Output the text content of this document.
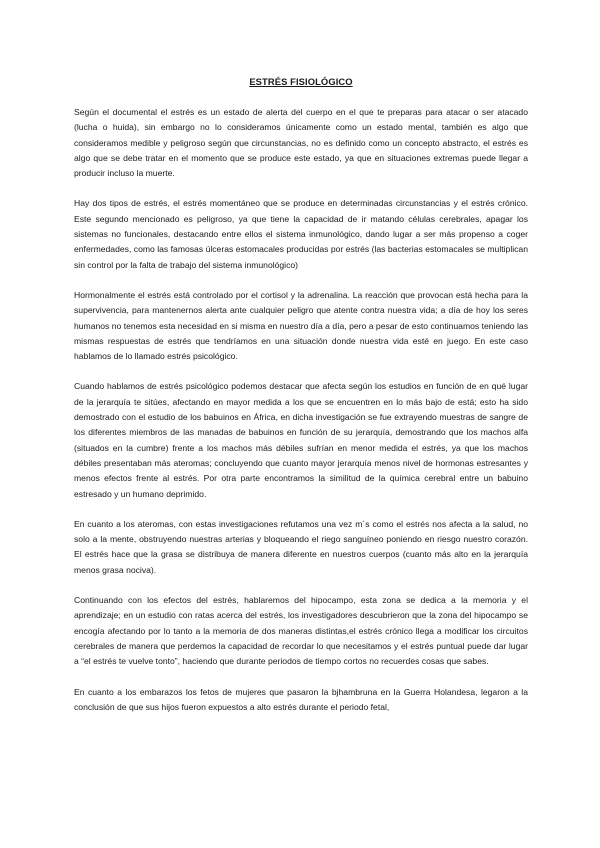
ESTRÉS FISIOLÓGICO

Según el documental el estrés es un estado de alerta del cuerpo en el que te preparas para atacar o ser atacado (lucha o huida), sin embargo no lo consideramos únicamente como un estado mental, también es algo que consideramos medible y peligroso según que circunstancias, no es definido como un concepto abstracto, el estrés es algo que se debe tratar en el momento que se produce este estado, ya que en situaciones extremas puede llegar a producir incluso la muerte.

Hay dos tipos de estrés, el estrés momentáneo que se produce en determinadas circunstancias y el estrés crónico. Este segundo mencionado es peligroso, ya que tiene la capacidad de ir matando células cerebrales, apagar los sistemas no funcionales, destacando entre ellos el sistema inmunológico, dando lugar a ser más propenso a coger enfermedades, como las famosas úlceras estomacales producidas por estrés (las bacterias estomacales se multiplican sin control por la falta de trabajo del sistema inmunológico)

Hormonalmente el estrés está controlado por el cortisol y la adrenalina. La reacción que provocan está hecha para la supervivencia, para mantenernos alerta ante cualquier peligro que atente contra nuestra vida; a día de hoy los seres humanos no tenemos esta necesidad en si misma en nuestro día a día, pero a pesar de esto continuamos teniendo las mismas respuestas de estrés que tendríamos en una situación donde nuestra vida esté en juego. En este caso hablamos de lo llamado estrés psicológico.

Cuando hablamos de estrés psicológico podemos destacar que afecta según los estudios en función de en qué lugar de la jerarquía te sitúes, afectando en mayor medida a los que se encuentren en lo más bajo de está; esto ha sido demostrado con el estudio de los babuinos en África, en dicha investigación se fue extrayendo muestras de sangre de los diferentes miembros de las manadas de babuinos en función de su jerarquía, demostrando que los machos alfa (situados en la cumbre) frente a los machos más débiles sufrían en menor medida el estrés, ya que los machos débiles presentaban más ateromas; concluyendo que cuanto mayor jerarquía menos nivel de hormonas estresantes y menos efectos frente al estrés. Por otra parte encontramos la similitud de la química cerebral entre un babuino estresado y un humano deprimido.

En cuanto a los ateromas, con estas investigaciones refutamos una vez m´s como el estrés nos afecta a la salud, no solo a la mente, obstruyendo nuestras arterias y bloqueando el riego sanguíneo poniendo en riesgo nuestro corazón. El estrés hace que la grasa se distribuya de manera diferente en nuestros cuerpos (cuanto más alto en la jerarquía menos grasa nociva).

Continuando con los efectos del estrés, hablaremos del hipocampo, esta zona se dedica a la memoria y el aprendizaje; en un estudio con ratas acerca del estrés, los investigadores descubrieron que la zona del hipocampo se encogía afectando por lo tanto a la memoria de dos maneras distintas,el estrés crónico llega a modificar los circuitos cerebrales de manera que perdemos la capacidad de recordar lo que necesitamos y el estrés puntual puede dar lugar a “el estrés te vuelve tonto”, haciendo que durante periodos de tiempo cortos no recuerdes cosas que sabes.

En cuanto a los embarazos los fetos de mujeres que pasaron la bjhambruna en la Guerra Holandesa, legaron a la conclusión de que sus hijos fueron expuestos a alto estrés durante el periodo fetal,
